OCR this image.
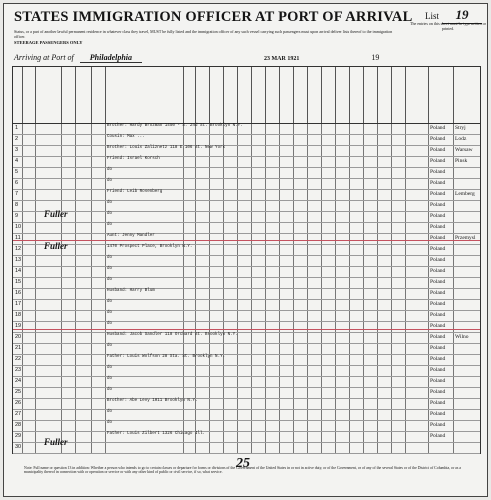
STATES IMMIGRATION OFFICER AT PORT OF ARRIVAL	List 19
The entries on this sheet must be typewritten or printed.
Status, or a part of another lawful permanent residence in whatever class they travel, MUST be fully listed and the immigration officer of any such vessel carrying such passengers must upon arrival deliver lists thereof to the immigration officer.
STEERAGE PASSENGERS ONLY
Arriving at Port of Philadelphia	23 MAR 1921	19
1	Brother: Hardy Brozman 1450 - S. 2nd St. Brooklyn N.Y.	Poland	Stryj
2	Cousin: Max ...	Poland	Lodz
3	Brother: Louis Zaliznetz 118 E 106 St. New York	Poland	Warsaw
4	Friend: Israel Korsch	Poland	Pinsk
5	do	Poland
6	do	Poland
7	Friend: Leib Rosenberg	Poland	Lemberg
8	do	Poland
9	do	Poland
10	do	Poland
11	Aunt: Jenny Mandler	Poland	Przemysl
12	1470 Prospect Place, Brooklyn N.Y.	Poland
13	do	Poland
14	do	Poland
15	do	Poland
16	Husband: Harry Blum	Poland
17	do	Poland
18	do	Poland
19	do	Poland
20	Husband: Jacob Sandler 118 Orchard St. Brooklyn N.Y.	Poland	Wilno
21	do	Poland
22	Father: Louis Wolfson 28 Sta. St. Brooklyn N.Y.	Poland
23	do	Poland
24	do	Poland
25	do	Poland
26	Brother: Abe Levy 1011 Brooklyn N.Y.	Poland
27	do	Poland
28	do	Poland
29	Father: Louis Zilbert 1326 Chicago Ill.	Poland
30
Fuller
Fuller
Fuller
25
Note: Full name or question 13 in addition: Whether a person who intends to go to certain classes or departure for forms or divisions of the Government of the United States in or not in active duty, or of the Government, or of any of the several States or of the District of Columbia, or as a municipality thereof in connection with or operation or service or with any other kind of public or civil service, if so, what service.
